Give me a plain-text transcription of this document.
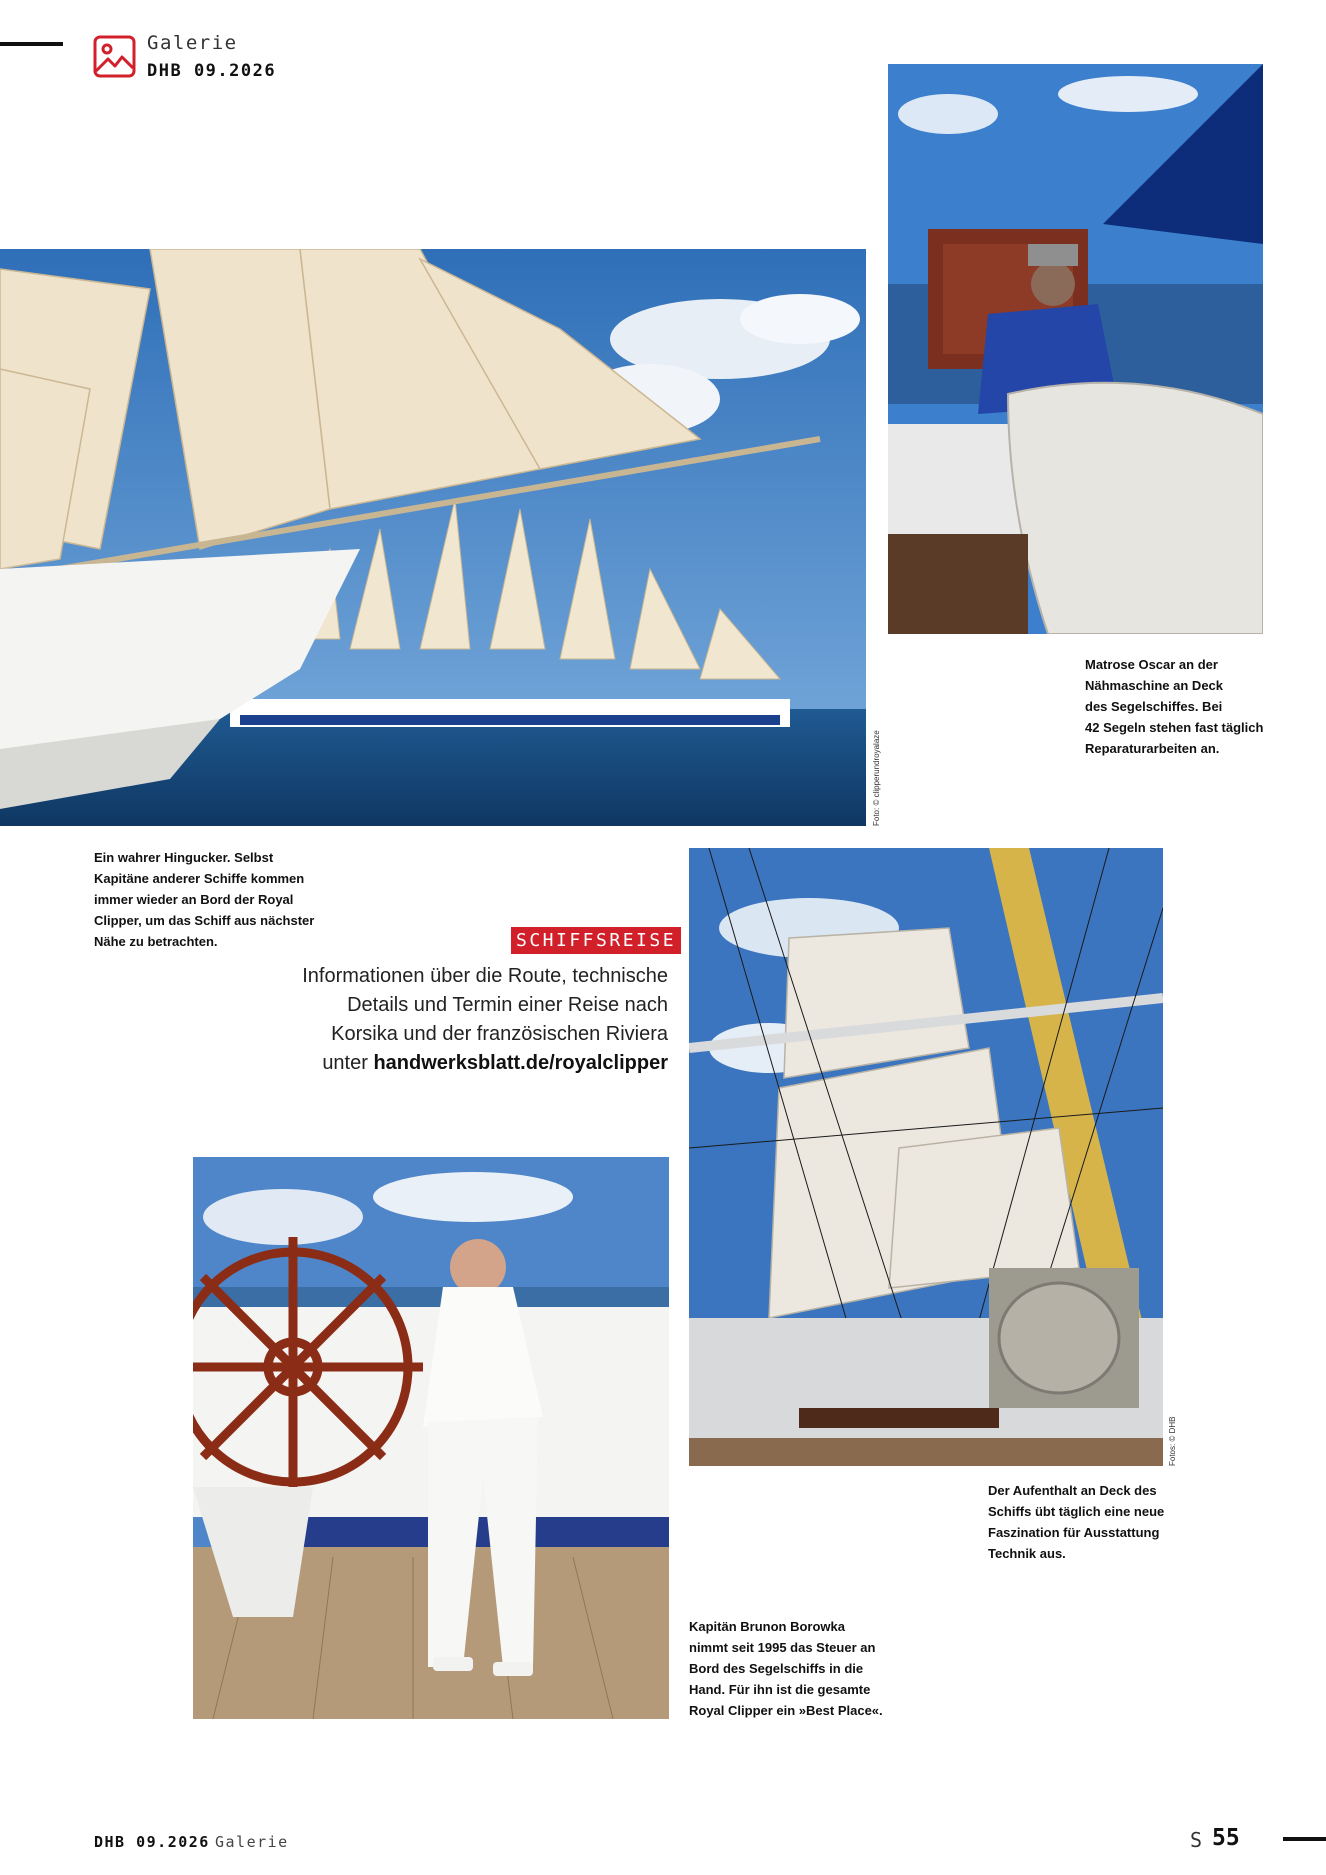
Galerie
DHB 09.2026
Foto: © clipperundroyalaze
Matrose Oscar an der
Nähmaschine an Deck
des Segelschiffes. Bei
42 Segeln stehen fast täglich
Reparaturarbeiten an.
Ein wahrer Hingucker. Selbst
Kapitäne anderer Schiffe kommen
immer wieder an Bord der Royal
Clipper, um das Schiff aus nächster
Nähe zu betrachten.	SCHIFFSREISE
Informationen über die Route, technische
Details und Termin einer Reise nach
Korsika und der französischen Riviera
unter handwerksblatt.de/royalclipper
Fotos: © DHB
Der Aufenthalt an Deck des
Schiffs übt täglich eine neue
Faszination für Ausstattung
Technik aus.
Kapitän Brunon Borowka
nimmt seit 1995 das Steuer an
Bord des Segelschiffs in die
Hand. Für ihn ist die gesamte
Royal Clipper ein »Best Place«.
DHB 09.2026 Galerie	S 55
